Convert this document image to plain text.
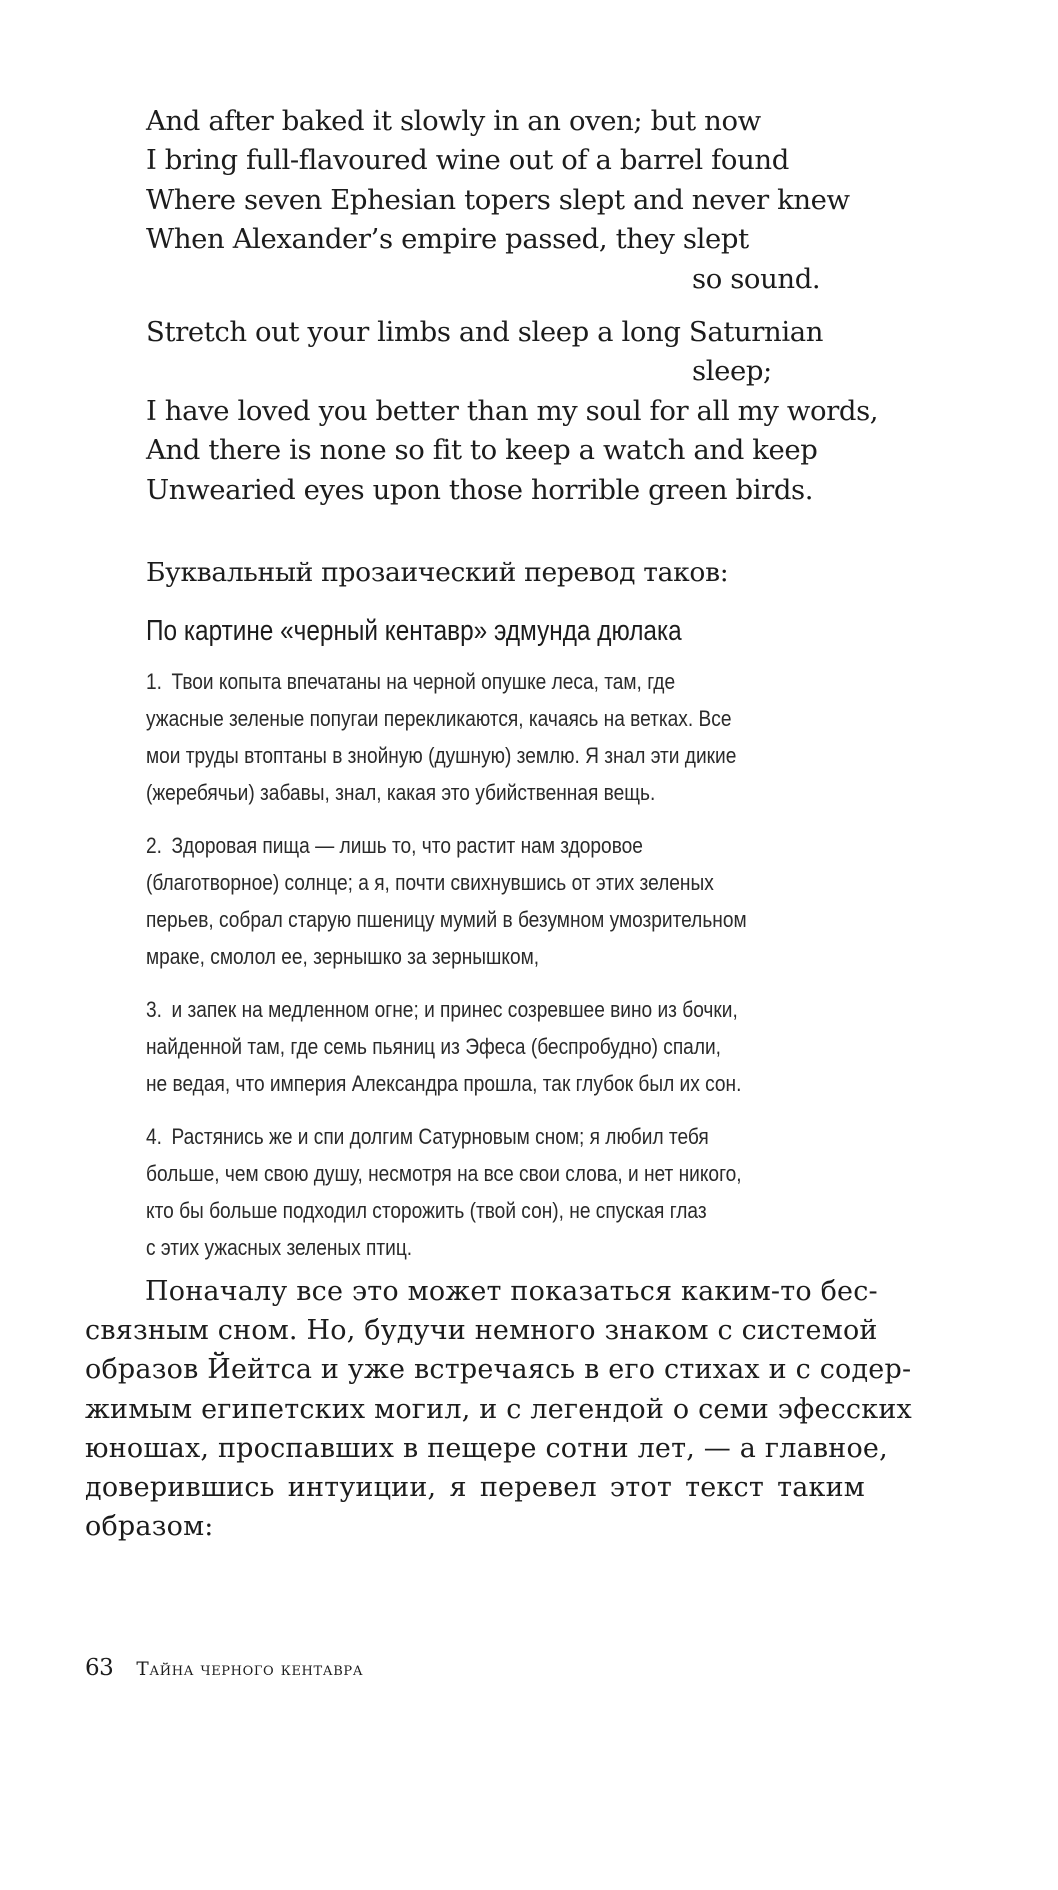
And after baked it slowly in an oven; but now
I bring full-flavoured wine out of a barrel found
Where seven Ephesian topers slept and never knew
When Alexander’s empire passed, they slept
so sound.
Stretch out your limbs and sleep a long Saturnian
sleep;
I have loved you better than my soul for all my words,
And there is none so fit to keep a watch and keep
Unwearied eyes upon those horrible green birds.
Буквальный прозаический перевод таков:
По картине «черный кентавр» эдмунда дюлака
1. Твои копыта впечатаны на черной опушке леса, там, где
ужасные зеленые попугаи перекликаются, качаясь на ветках. Все
мои труды втоптаны в знойную (душную) землю. Я знал эти дикие
(жеребячьи) забавы, знал, какая это убийственная вещь.
2. Здоровая пища — лишь то, что растит нам здоровое
(благотворное) солнце; а я, почти свихнувшись от этих зеленых
перьев, собрал старую пшеницу мумий в безумном умозрительном
мраке, смолол ее, зернышко за зернышком,
3. и запек на медленном огне; и принес созревшее вино из бочки,
найденной там, где семь пьяниц из Эфеса (беспробудно) спали,
не ведая, что империя Александра прошла, так глубок был их сон.
4. Растянись же и спи долгим Сатурновым сном; я любил тебя
больше, чем свою душу, несмотря на все свои слова, и нет никого,
кто бы больше подходил сторожить (твой сон), не спуская глаз
с этих ужасных зеленых птиц.
Поначалу все это может показаться каким-то бес-
связным сном. Но, будучи немного знаком с системой
образов Йейтса и уже встречаясь в его стихах и с содер-
жимым египетских могил, и с легендой о семи эфесских
юношах, проспавших в пещере сотни лет, — а главное,
доверившись интуиции, я перевел этот текст таким
образом:
63 Тайна черного кентавра
